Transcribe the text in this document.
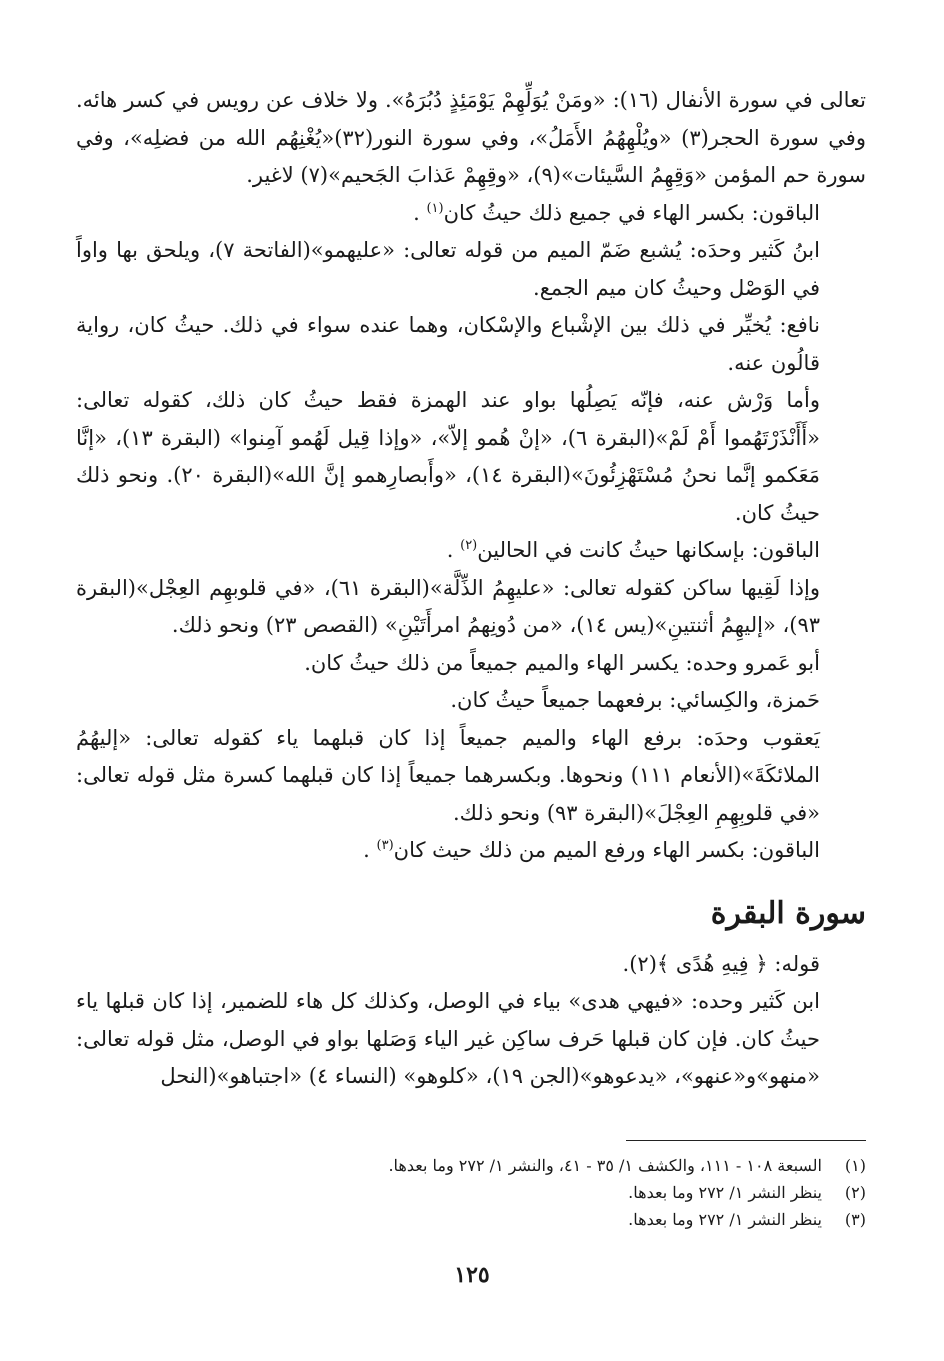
تعالى في سورة الأنفال (١٦): «ومَنْ يُوَلِّهِمْ يَوْمَئِذٍ دُبُرَهُ». ولا خلاف عن رويس في كسر هائه. وفي سورة الحجر(٣) «ويُلْهِهُمُ الأَمَلُ»، وفي سورة النور(٣٢)«يُغْنِهُم الله من فضلِه»، وفي سورة حم المؤمن «وَقِهِمُ السَّيئات»(٩)، «وقِهِمْ عَذابَ الجَحيم»(٧) لاغير.

الباقون: بكسر الهاء في جميع ذلك حيثُ كان$^{(١)}$ .

ابنُ كَثير وحدَه: يُشبع ضَمّ الميم من قوله تعالى: «عليهمو»(الفاتحة ٧)، ويلحق بها واواً في الوَصْل وحيثُ كان ميم الجمع.

نافع: يُخيِّر في ذلك بين الإشْباع والإسْكان، وهما عنده سواء في ذلك. حيثُ كان، رواية قالُون عنه.

وأما وَرْش عنه، فإنّه يَصِلُها بواو عند الهمزة فقط حيثُ كان ذلك، كقوله تعالى: «أَأَنْذَرْتَهُموا أَمْ لَمْ»(البقرة ٦)، «إنْ هُمو إلاّ»، «وإذا قِيل لَهُمو آمِنوا» (البقرة ١٣)، «إنَّا مَعَكمو إنَّما نحنُ مُسْتَهْزِئُونَ»(البقرة ١٤)، «وأَبصارِهمو إنَّ الله»(البقرة ٢٠). ونحو ذلك حيثُ كان.

الباقون: بإسكانها حيثُ كانت في الحالين$^{(٢)}$ .

وإذا لَقِيها ساكن كقوله تعالى: «عليهِمُ الذِّلَّة»(البقرة ٦١)، «في قلوبهِم العِجْل»(البقرة ٩٣)، «إليهِمُ أثنتينِ»(يس ١٤)، «من دُونِهمُ امرأَتَيْنِ» (القصص ٢٣) ونحو ذلك.

أبو عَمرو وحده: يكسر الهاء والميم جميعاً من ذلك حيثُ كان.

حَمزة، والكِسائي: برفعهما جميعاً حيثُ كان.

يَعقوب وحدَه: برفع الهاء والميم جميعاً إذا كان قبلهما ياء كقوله تعالى: «إليهُمُ الملائكَةَ»(الأنعام ١١١) ونحوها. وبكسرهما جميعاً إذا كان قبلهما كسرة مثل قوله تعالى: «في قلوبِهِمِ العِجْلَ»(البقرة ٩٣) ونحو ذلك.

الباقون: بكسر الهاء ورفع الميم من ذلك حيث كان$^{(٣)}$ .

سورة البقرة

قوله: ﴿ فِيهِ هُدًى ﴾(٢).

ابن كَثير وحده: «فيهي هدى» بياء في الوصل، وكذلك كل هاء للضمير، إذا كان قبلها ياء حيثُ كان. فإن كان قبلها حَرف ساكِن غير الياء وَصَلها بواو في الوصل، مثل قوله تعالى: «منهو»و«عنهو»، «يدعوهو»(الجن ١٩)، «كلوهو» (النساء ٤) «اجتباهو»(النحل

(١)
السبعة ١٠٨ - ١١١، والكشف ١/ ٣٥ - ٤١، والنشر ١/ ٢٧٢ وما بعدها.
(٢)
ينظر النشر ١/ ٢٧٢ وما بعدها.
(٣)
ينظر النشر ١/ ٢٧٢ وما بعدها.
١٢٥
